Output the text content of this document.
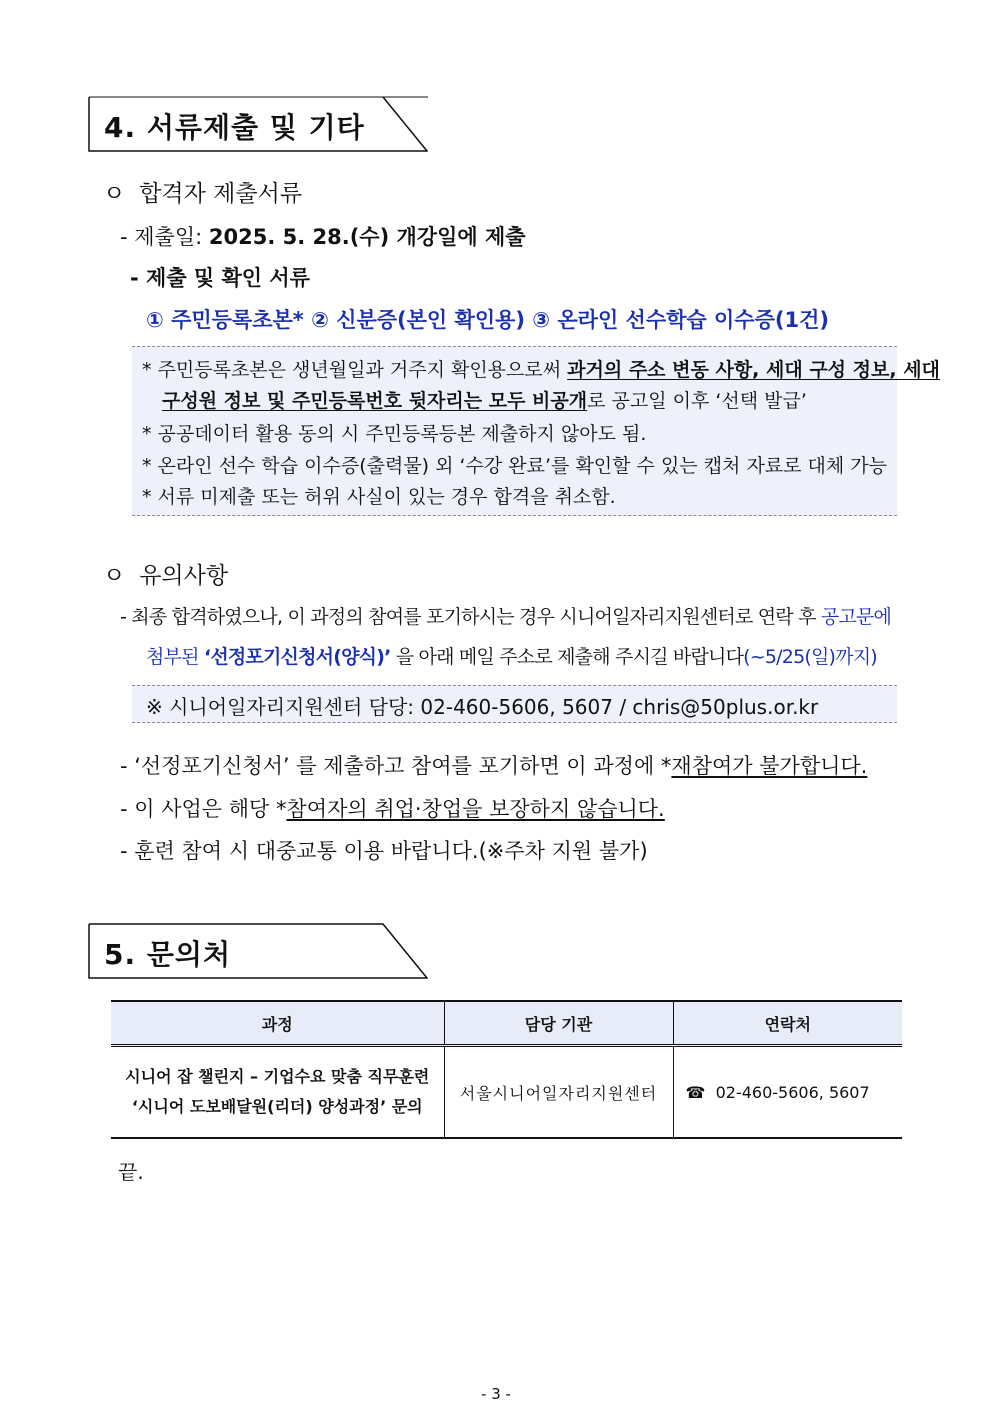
4. 서류제출 및 기타
ㅇ 합격자 제출서류
- 제출일: 2025. 5. 28.(수) 개강일에 제출
- 제출 및 확인 서류
① 주민등록초본* ② 신분증(본인 확인용) ③ 온라인 선수학습 이수증(1건)
* 주민등록초본은 생년월일과 거주지 확인용으로써 과거의 주소 변동 사항, 세대 구성 정보, 세대
구성원 정보 및 주민등록번호 뒷자리는 모두 비공개로 공고일 이후 ‘선택 발급’
* 공공데이터 활용 동의 시 주민등록등본 제출하지 않아도 됨.
* 온라인 선수 학습 이수증(출력물) 외 ‘수강 완료’를 확인할 수 있는 캡처 자료로 대체 가능
* 서류 미제출 또는 허위 사실이 있는 경우 합격을 취소함.
ㅇ 유의사항
- 최종 합격하였으나, 이 과정의 참여를 포기하시는 경우 시니어일자리지원센터로 연락 후 공고문에
첨부된 ‘선정포기신청서(양식)’ 을 아래 메일 주소로 제출해 주시길 바랍니다(~5/25(일)까지)
※ 시니어일자리지원센터 담당: 02-460-5606, 5607 / chris@50plus.or.kr
- ‘선정포기신청서’ 를 제출하고 참여를 포기하면 이 과정에 *재참여가 불가합니다.
- 이 사업은 해당 *참여자의 취업·창업을 보장하지 않습니다.
- 훈련 참여 시 대중교통 이용 바랍니다.(※주차 지원 불가)
5. 문의처
과정	담당 기관	연락처

시니어 잡 챌린지 – 기업수요 맞춤 직무훈련
‘시니어 도보배달원(리더) 양성과정’ 문의	서울시니어일자리지원센터	☎ 02-460-5606, 5607
끝.
- 3 -
